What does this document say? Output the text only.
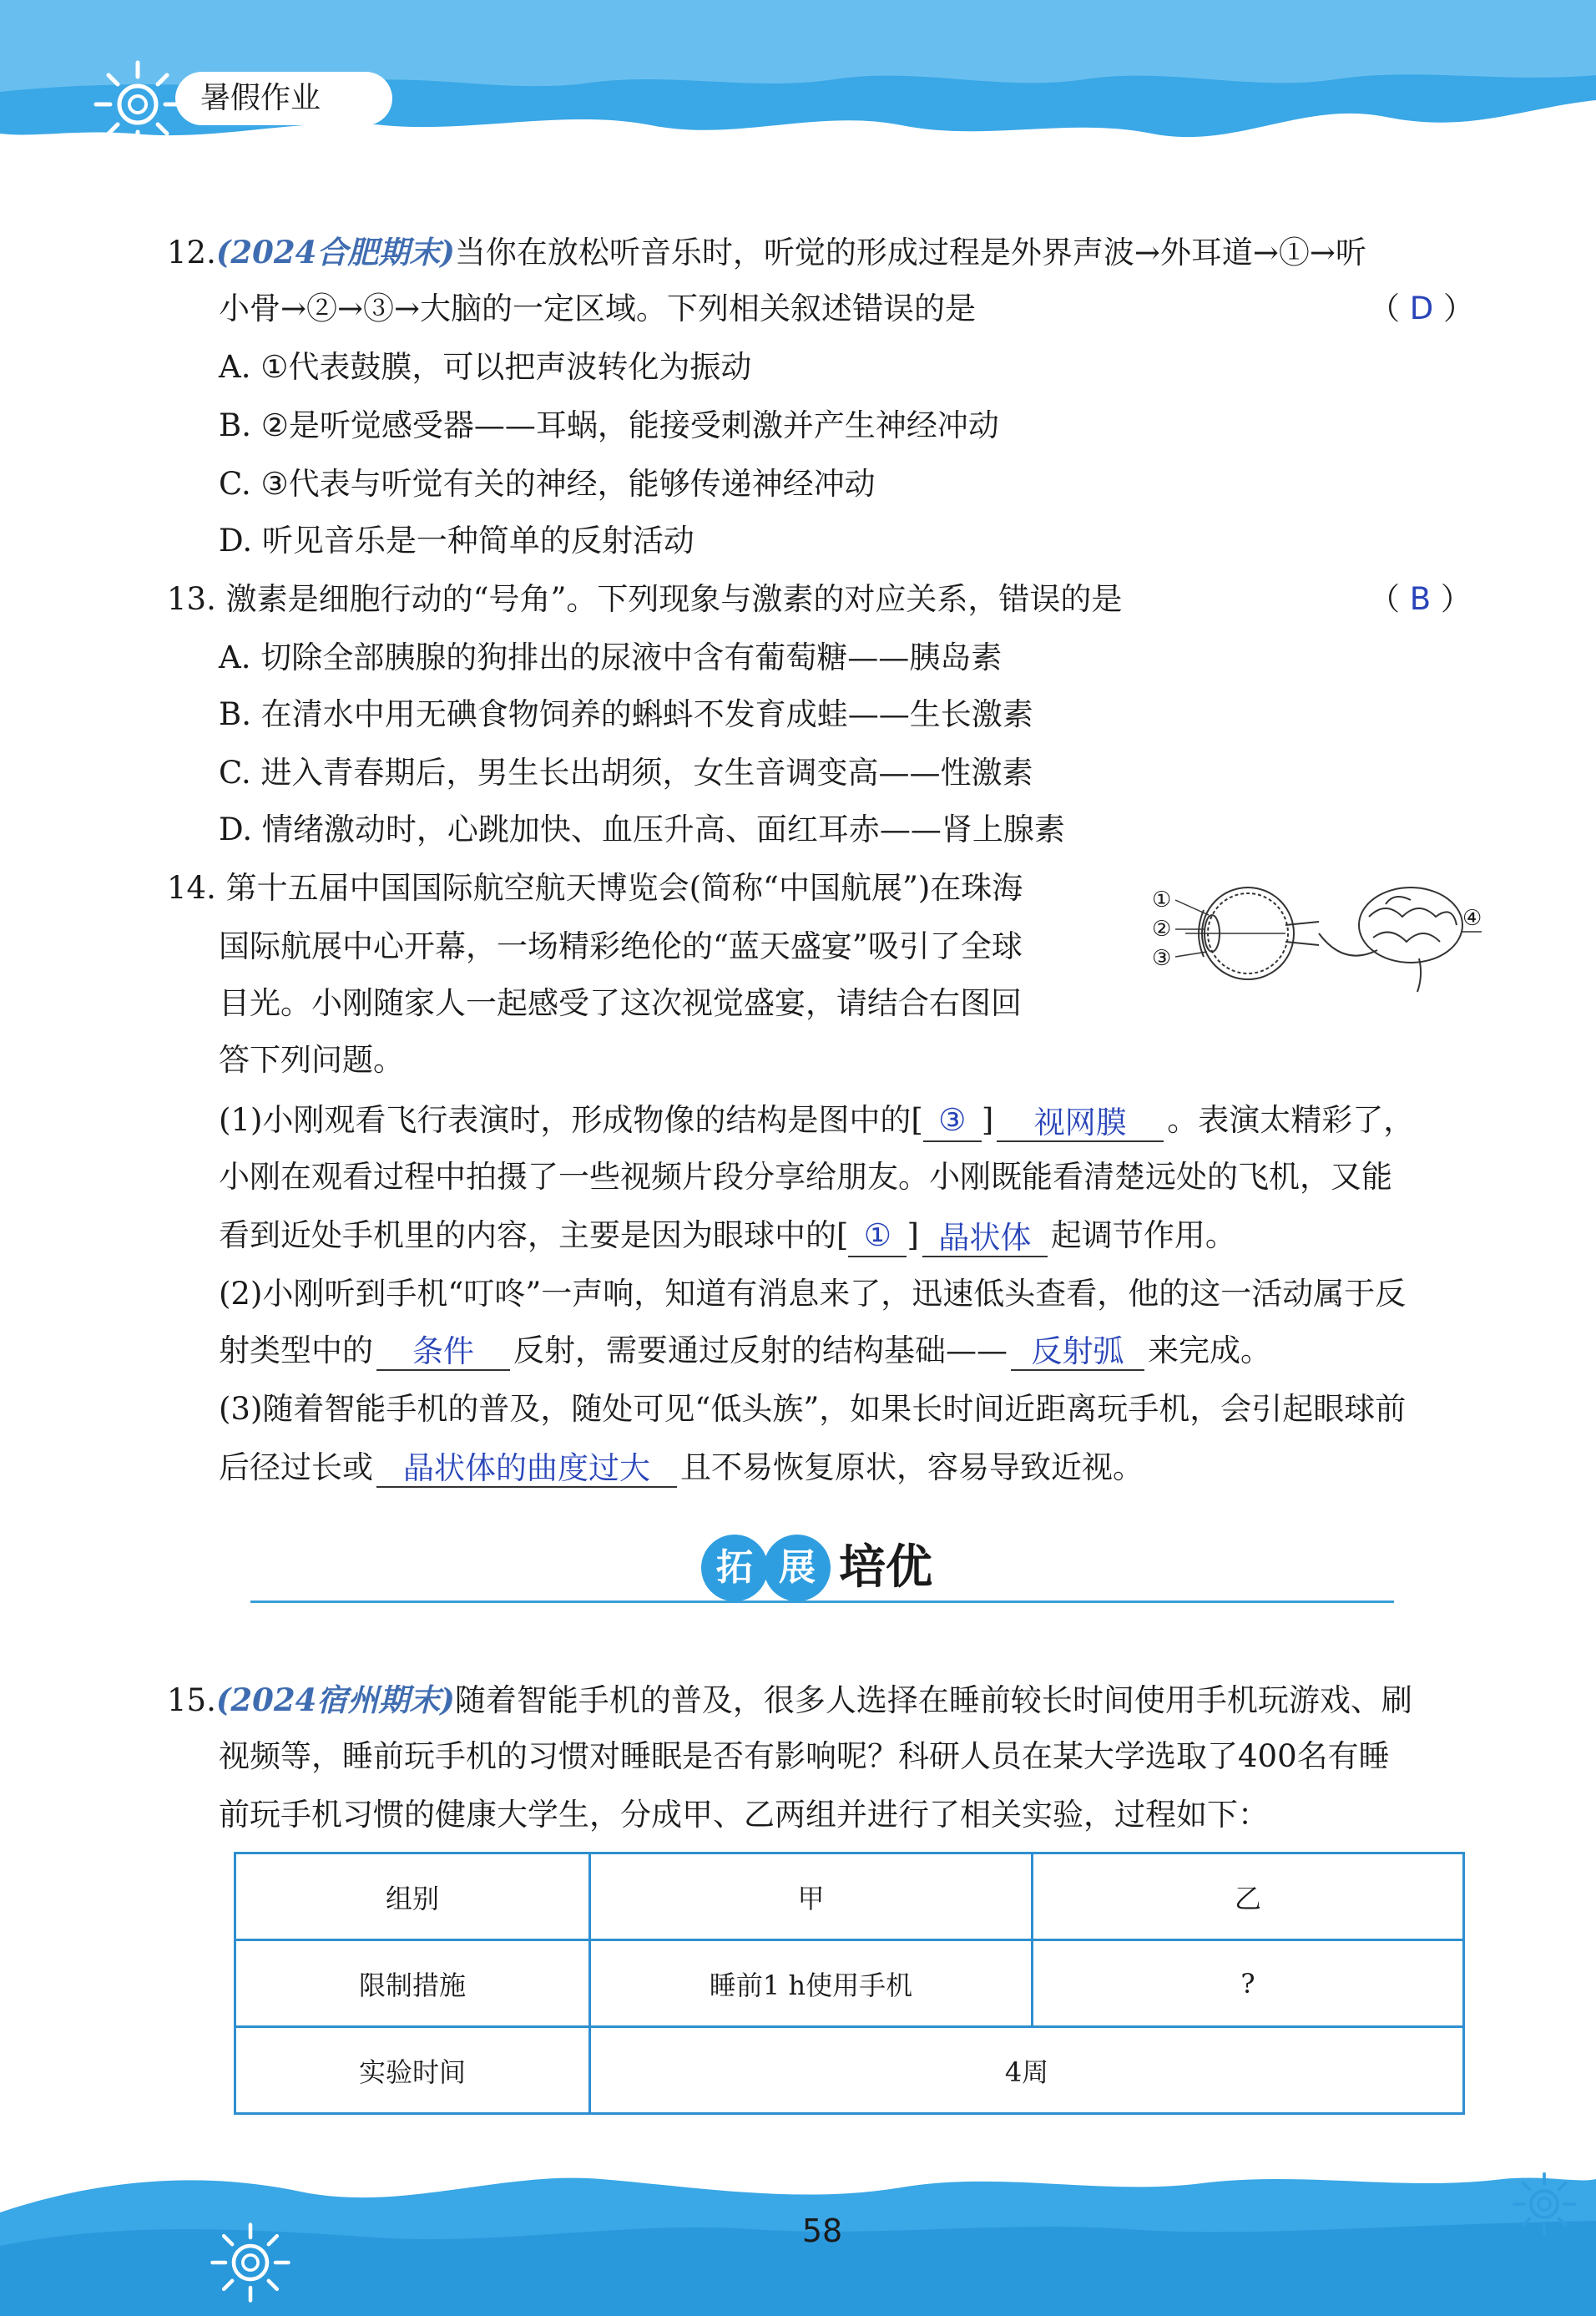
暑假作业
12.(2024合肥期末)当你在放松听音乐时，听觉的形成过程是外界声波→外耳道→①→听
小骨→②→③→大脑的一定区域。下列相关叙述错误的是	（ D ）
A. ①代表鼓膜，可以把声波转化为振动
B. ②是听觉感受器——耳蜗，能接受刺激并产生神经冲动
C. ③代表与听觉有关的神经，能够传递神经冲动
D. 听见音乐是一种简单的反射活动
13. 激素是细胞行动的“号角”。下列现象与激素的对应关系，错误的是	（ B ）
A. 切除全部胰腺的狗排出的尿液中含有葡萄糖——胰岛素
B. 在清水中用无碘食物饲养的蝌蚪不发育成蛙——生长激素
C. 进入青春期后，男生长出胡须，女生音调变高——性激素
D. 情绪激动时，心跳加快、血压升高、面红耳赤——肾上腺素
14. 第十五届中国国际航空航天博览会(简称“中国航展”)在珠海
国际航展中心开幕，一场精彩绝伦的“蓝天盛宴”吸引了全球
目光。小刚随家人一起感受了这次视觉盛宴，请结合右图回
答下列问题。
①
②
③
④
(1)小刚观看飞行表演时，形成物像的结构是图中的[ ③ ] 视网膜 。表演太精彩了，
小刚在观看过程中拍摄了一些视频片段分享给朋友。小刚既能看清楚远处的飞机，又能
看到近处手机里的内容，主要是因为眼球中的[ ① ] 晶状体 起调节作用。
(2)小刚听到手机“叮咚”一声响，知道有消息来了，迅速低头查看，他的这一活动属于反
射类型中的 条件 反射，需要通过反射的结构基础—— 反射弧 来完成。
(3)随着智能手机的普及，随处可见“低头族”，如果长时间近距离玩手机，会引起眼球前
后径过长或 晶状体的曲度过大 且不易恢复原状，容易导致近视。
拓 展 培优
15.(2024宿州期末)随着智能手机的普及，很多人选择在睡前较长时间使用手机玩游戏、刷
视频等，睡前玩手机的习惯对睡眠是否有影响呢？科研人员在某大学选取了400名有睡
前玩手机习惯的健康大学生，分成甲、乙两组并进行了相关实验，过程如下：
组别	甲	乙
限制措施	睡前1 h使用手机	?
实验时间	4周	
58
